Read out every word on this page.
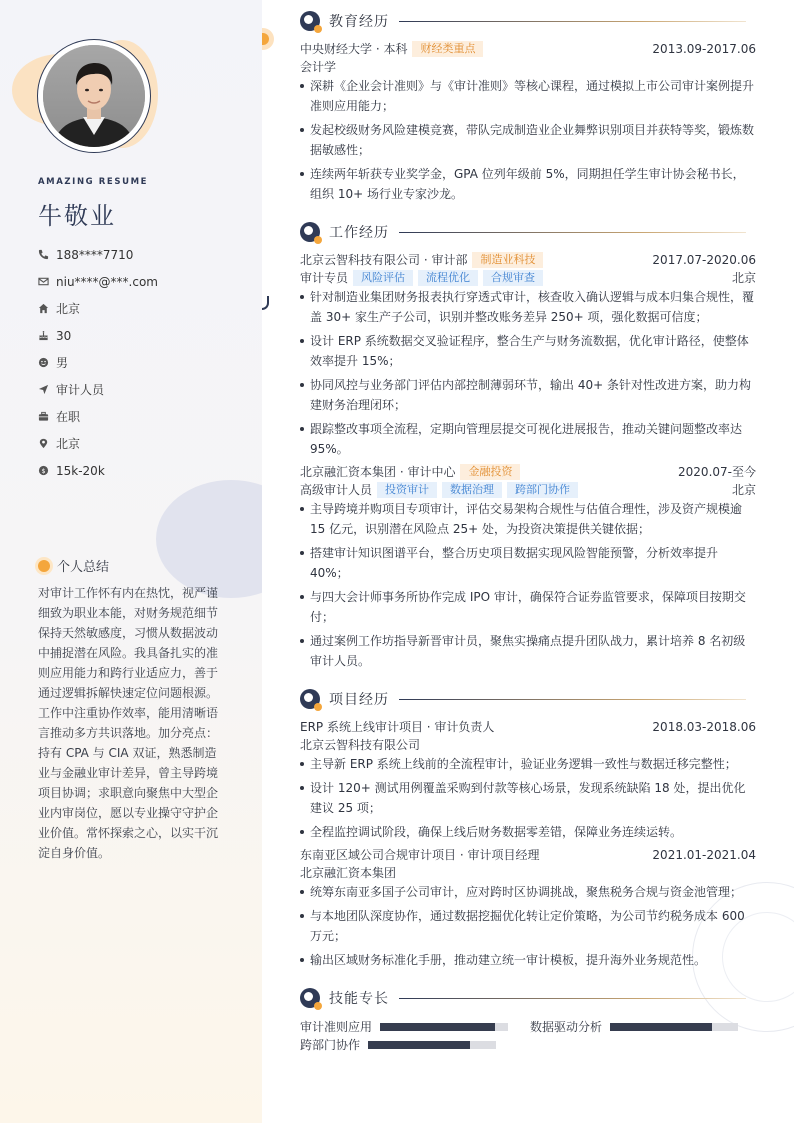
AMAZING RESUME
牛敬业
188****7710
niu****@***.com
北京
30
男
审计人员
在职
北京
$ 15k-20k
个人总结
对审计工作怀有内在热忱，视严谨细致为职业本能，对财务规范细节保持天然敏感度，习惯从数据波动中捕捉潜在风险。我具备扎实的准则应用能力和跨行业适应力，善于通过逻辑拆解快速定位问题根源。工作中注重协作效率，能用清晰语言推动多方共识落地。加分亮点：持有 CPA 与 CIA 双证，熟悉制造业与金融业审计差异，曾主导跨境项目协调；求职意向聚焦中大型企业内审岗位，愿以专业操守守护企业价值。常怀探索之心，以实干沉淀自身价值。
教育经历
中央财经大学 · 本科	财经类重点	2013.09-2017.06
会计学
深耕《企业会计准则》与《审计准则》等核心课程，通过模拟上市公司审计案例提升准则应用能力；
发起校级财务风险建模竞赛，带队完成制造业企业舞弊识别项目并获特等奖，锻炼数据敏感性；
连续两年斩获专业奖学金，GPA 位列年级前 5%，同期担任学生审计协会秘书长，组织 10+ 场行业专家沙龙。
工作经历
北京云智科技有限公司 · 审计部	制造业科技	2017.07-2020.06
审计专员	风险评估	流程优化	合规审查	北京
针对制造业集团财务报表执行穿透式审计，核查收入确认逻辑与成本归集合规性，覆盖 30+ 家生产子公司，识别并整改账务差异 250+ 项，强化数据可信度；
设计 ERP 系统数据交叉验证程序，整合生产与财务流数据，优化审计路径，使整体效率提升 15%；
协同风控与业务部门评估内部控制薄弱环节，输出 40+ 条针对性改进方案，助力构建财务治理闭环；
跟踪整改事项全流程，定期向管理层提交可视化进展报告，推动关键问题整改率达 95%。
北京融汇资本集团 · 审计中心	金融投资	2020.07-至今
高级审计人员	投资审计	数据治理	跨部门协作	北京
主导跨境并购项目专项审计，评估交易架构合规性与估值合理性，涉及资产规模逾 15 亿元，识别潜在风险点 25+ 处，为投资决策提供关键依据；
搭建审计知识图谱平台，整合历史项目数据实现风险智能预警，分析效率提升 40%；
与四大会计师事务所协作完成 IPO 审计，确保符合证券监管要求，保障项目按期交付；
通过案例工作坊指导新晋审计员，聚焦实操痛点提升团队战力，累计培养 8 名初级审计人员。
项目经历
ERP 系统上线审计项目 · 审计负责人	2018.03-2018.06
北京云智科技有限公司
主导新 ERP 系统上线前的全流程审计，验证业务逻辑一致性与数据迁移完整性；
设计 120+ 测试用例覆盖采购到付款等核心场景，发现系统缺陷 18 处，提出优化建议 25 项；
全程监控调试阶段，确保上线后财务数据零差错，保障业务连续运转。
东南亚区域公司合规审计项目 · 审计项目经理	2021.01-2021.04
北京融汇资本集团
统筹东南亚多国子公司审计，应对跨时区协调挑战，聚焦税务合规与资金池管理；
与本地团队深度协作，通过数据挖掘优化转让定价策略，为公司节约税务成本 600 万元；
输出区域财务标准化手册，推动建立统一审计模板，提升海外业务规范性。
技能专长
审计准则应用	数据驱动分析
跨部门协作
